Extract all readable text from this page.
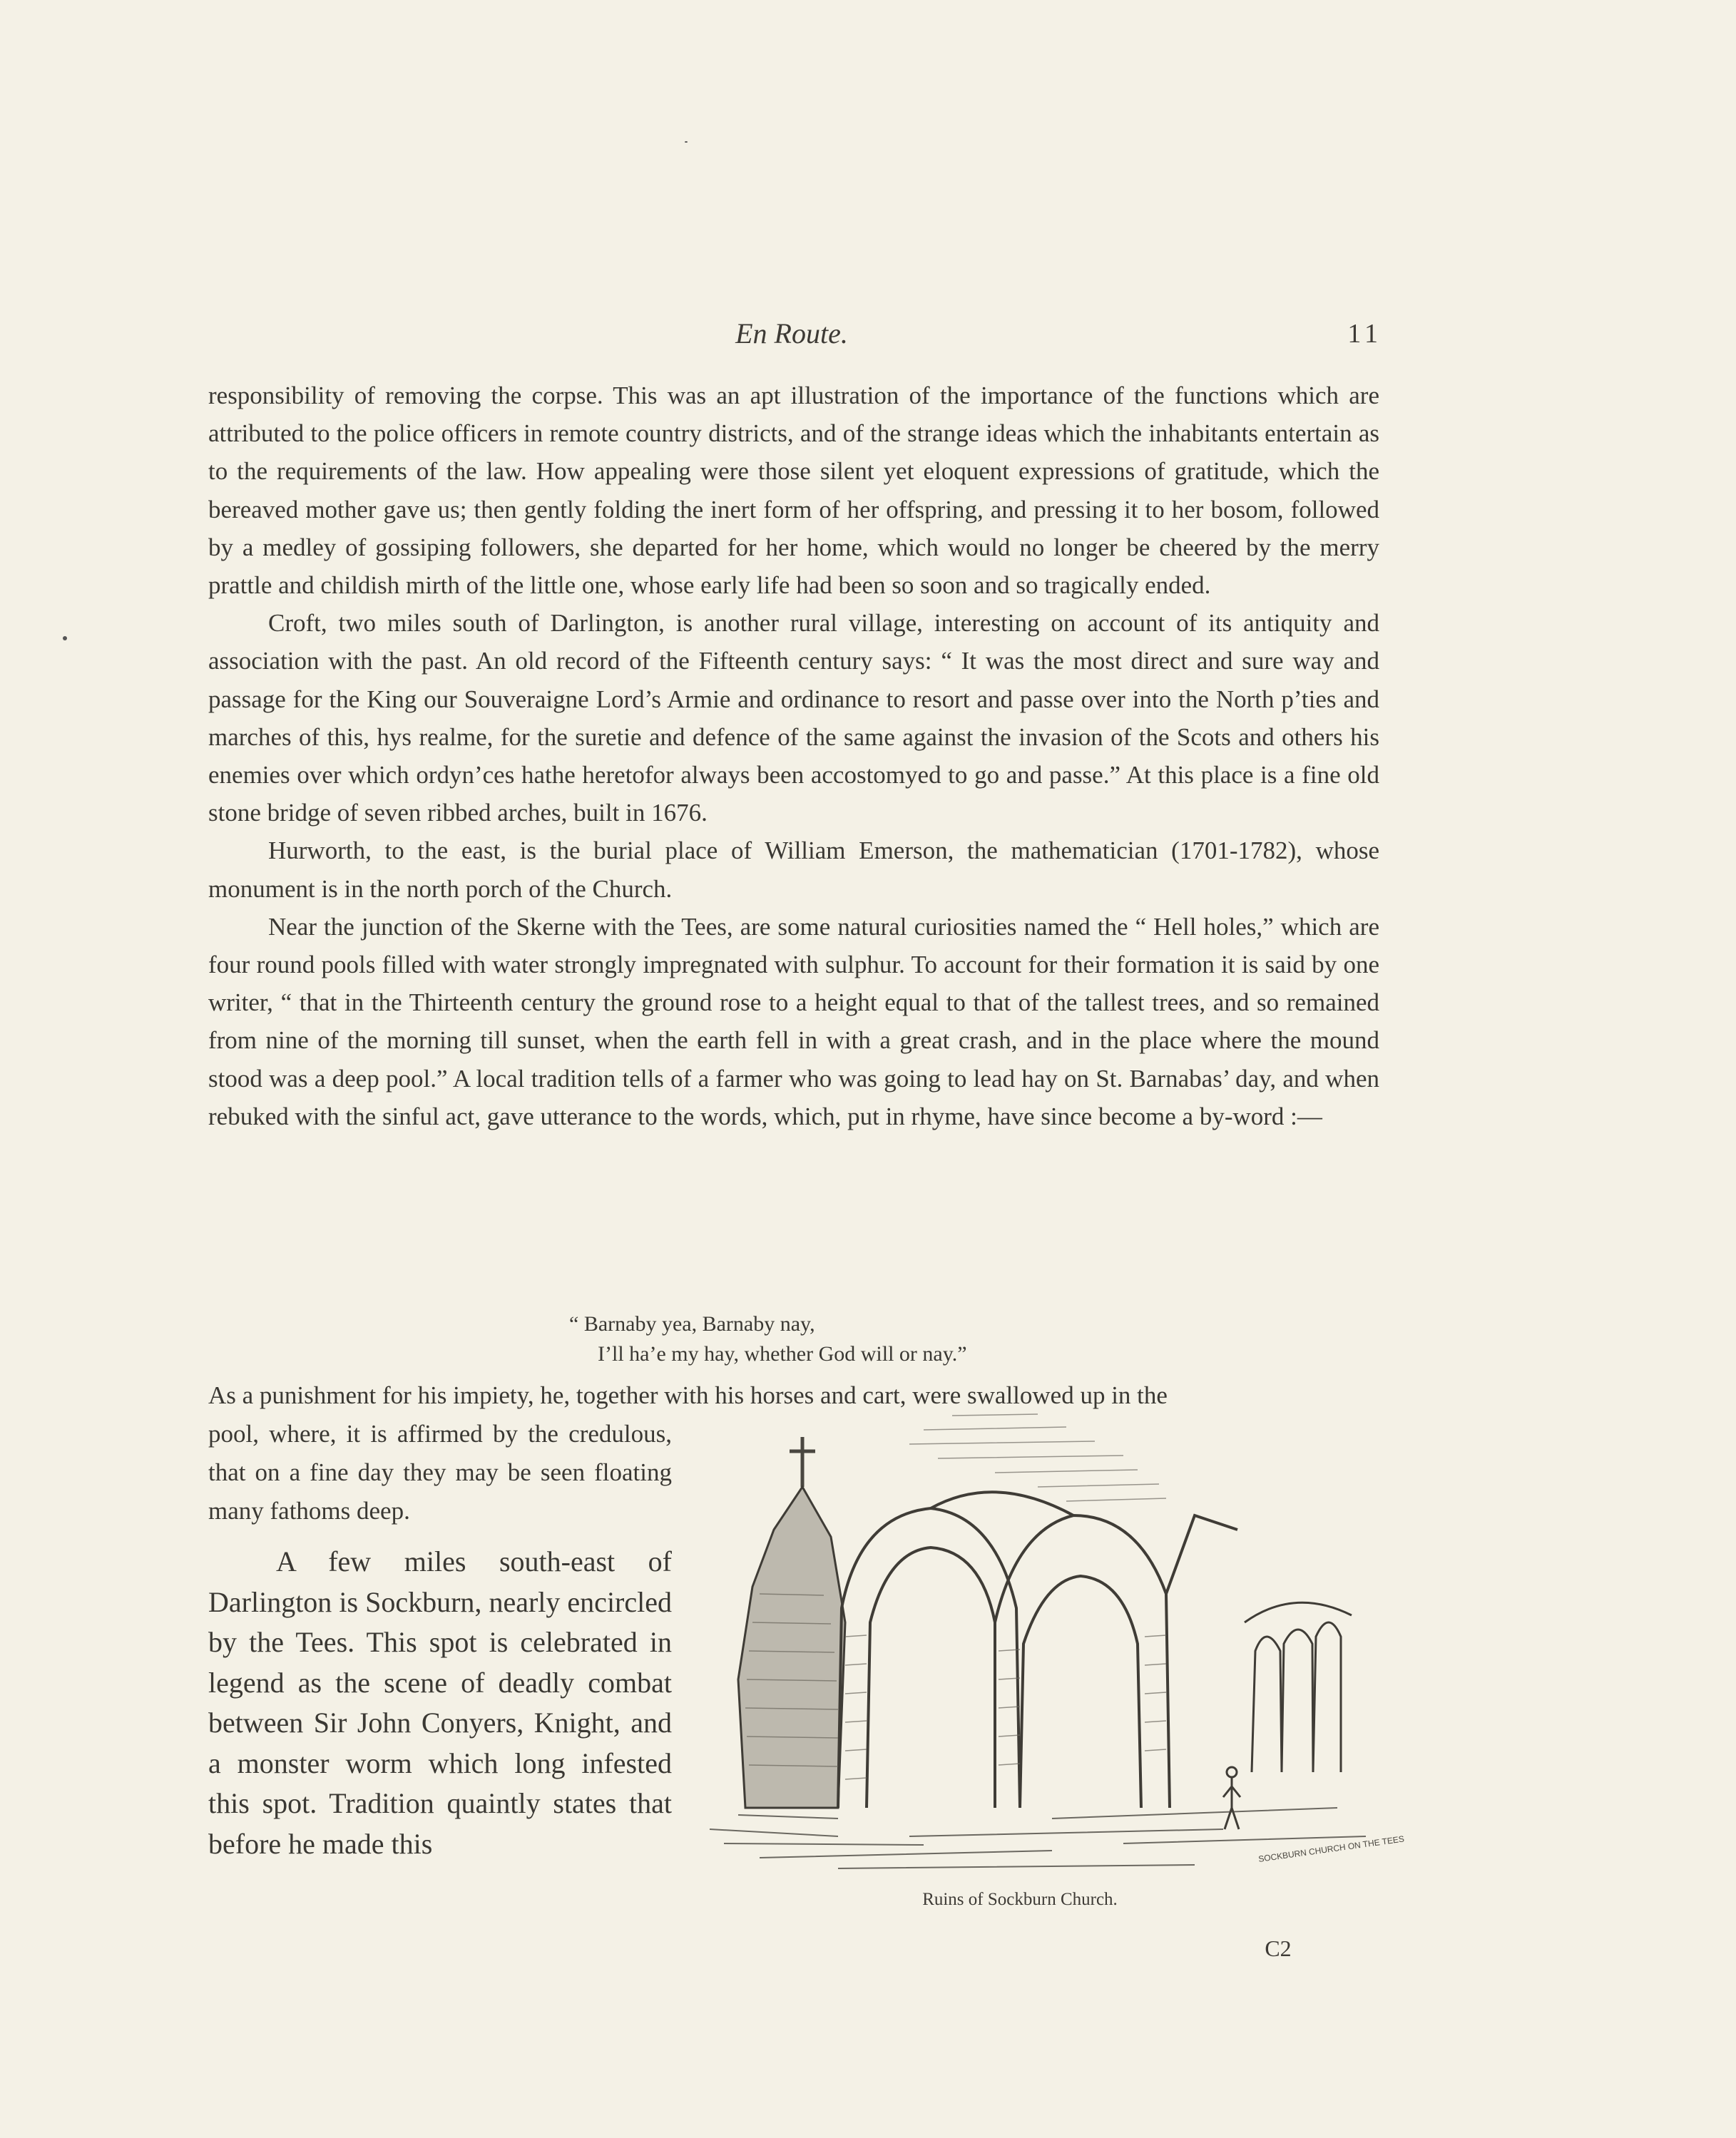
En Route.	11

responsibility of removing the corpse. This was an apt illustration of the importance of the functions which are attributed to the police officers in remote country districts, and of the strange ideas which the inhabitants entertain as to the requirements of the law. How appealing were those silent yet eloquent expressions of gratitude, which the bereaved mother gave us; then gently folding the inert form of her offspring, and pressing it to her bosom, followed by a medley of gossiping followers, she departed for her home, which would no longer be cheered by the merry prattle and childish mirth of the little one, whose early life had been so soon and so tragically ended.

Croft, two miles south of Darlington, is another rural village, interesting on account of its antiquity and association with the past. An old record of the Fifteenth century says: “ It was the most direct and sure way and passage for the King our Souveraigne Lord’s Armie and ordinance to resort and passe over into the North p’ties and marches of this, hys realme, for the suretie and defence of the same against the invasion of the Scots and others his enemies over which ordyn’ces hathe heretofor always been accostomyed to go and passe.” At this place is a fine old stone bridge of seven ribbed arches, built in 1676.

Hurworth, to the east, is the burial place of William Emerson, the mathematician (1701-1782), whose monument is in the north porch of the Church.

Near the junction of the Skerne with the Tees, are some natural curiosities named the “ Hell holes,” which are four round pools filled with water strongly impregnated with sulphur. To account for their formation it is said by one writer, “ that in the Thirteenth century the ground rose to a height equal to that of the tallest trees, and so remained from nine of the morning till sunset, when the earth fell in with a great crash, and in the place where the mound stood was a deep pool.” A local tradition tells of a farmer who was going to lead hay on St. Barnabas’ day, and when rebuked with the sinful act, gave utterance to the words, which, put in rhyme, have since become a by-word :—

“ Barnaby yea, Barnaby nay,
I’ll ha’e my hay, whether God will or nay.”
As a punishment for his impiety, he, together with his horses and cart, were swallowed up in the

pool, where, it is affirmed by the credulous, that on a fine day they may be seen floating many fathoms deep.

A few miles south-east of Darlington is Sockburn, nearly encircled by the Tees. This spot is celebrated in legend as the scene of deadly combat between Sir John Conyers, Knight, and a monster worm which long infested this spot. Tradition quaintly states that before he made this	SOCKBURN CHURCH ON THE TEES
Ruins of Sockburn Church.
C2
